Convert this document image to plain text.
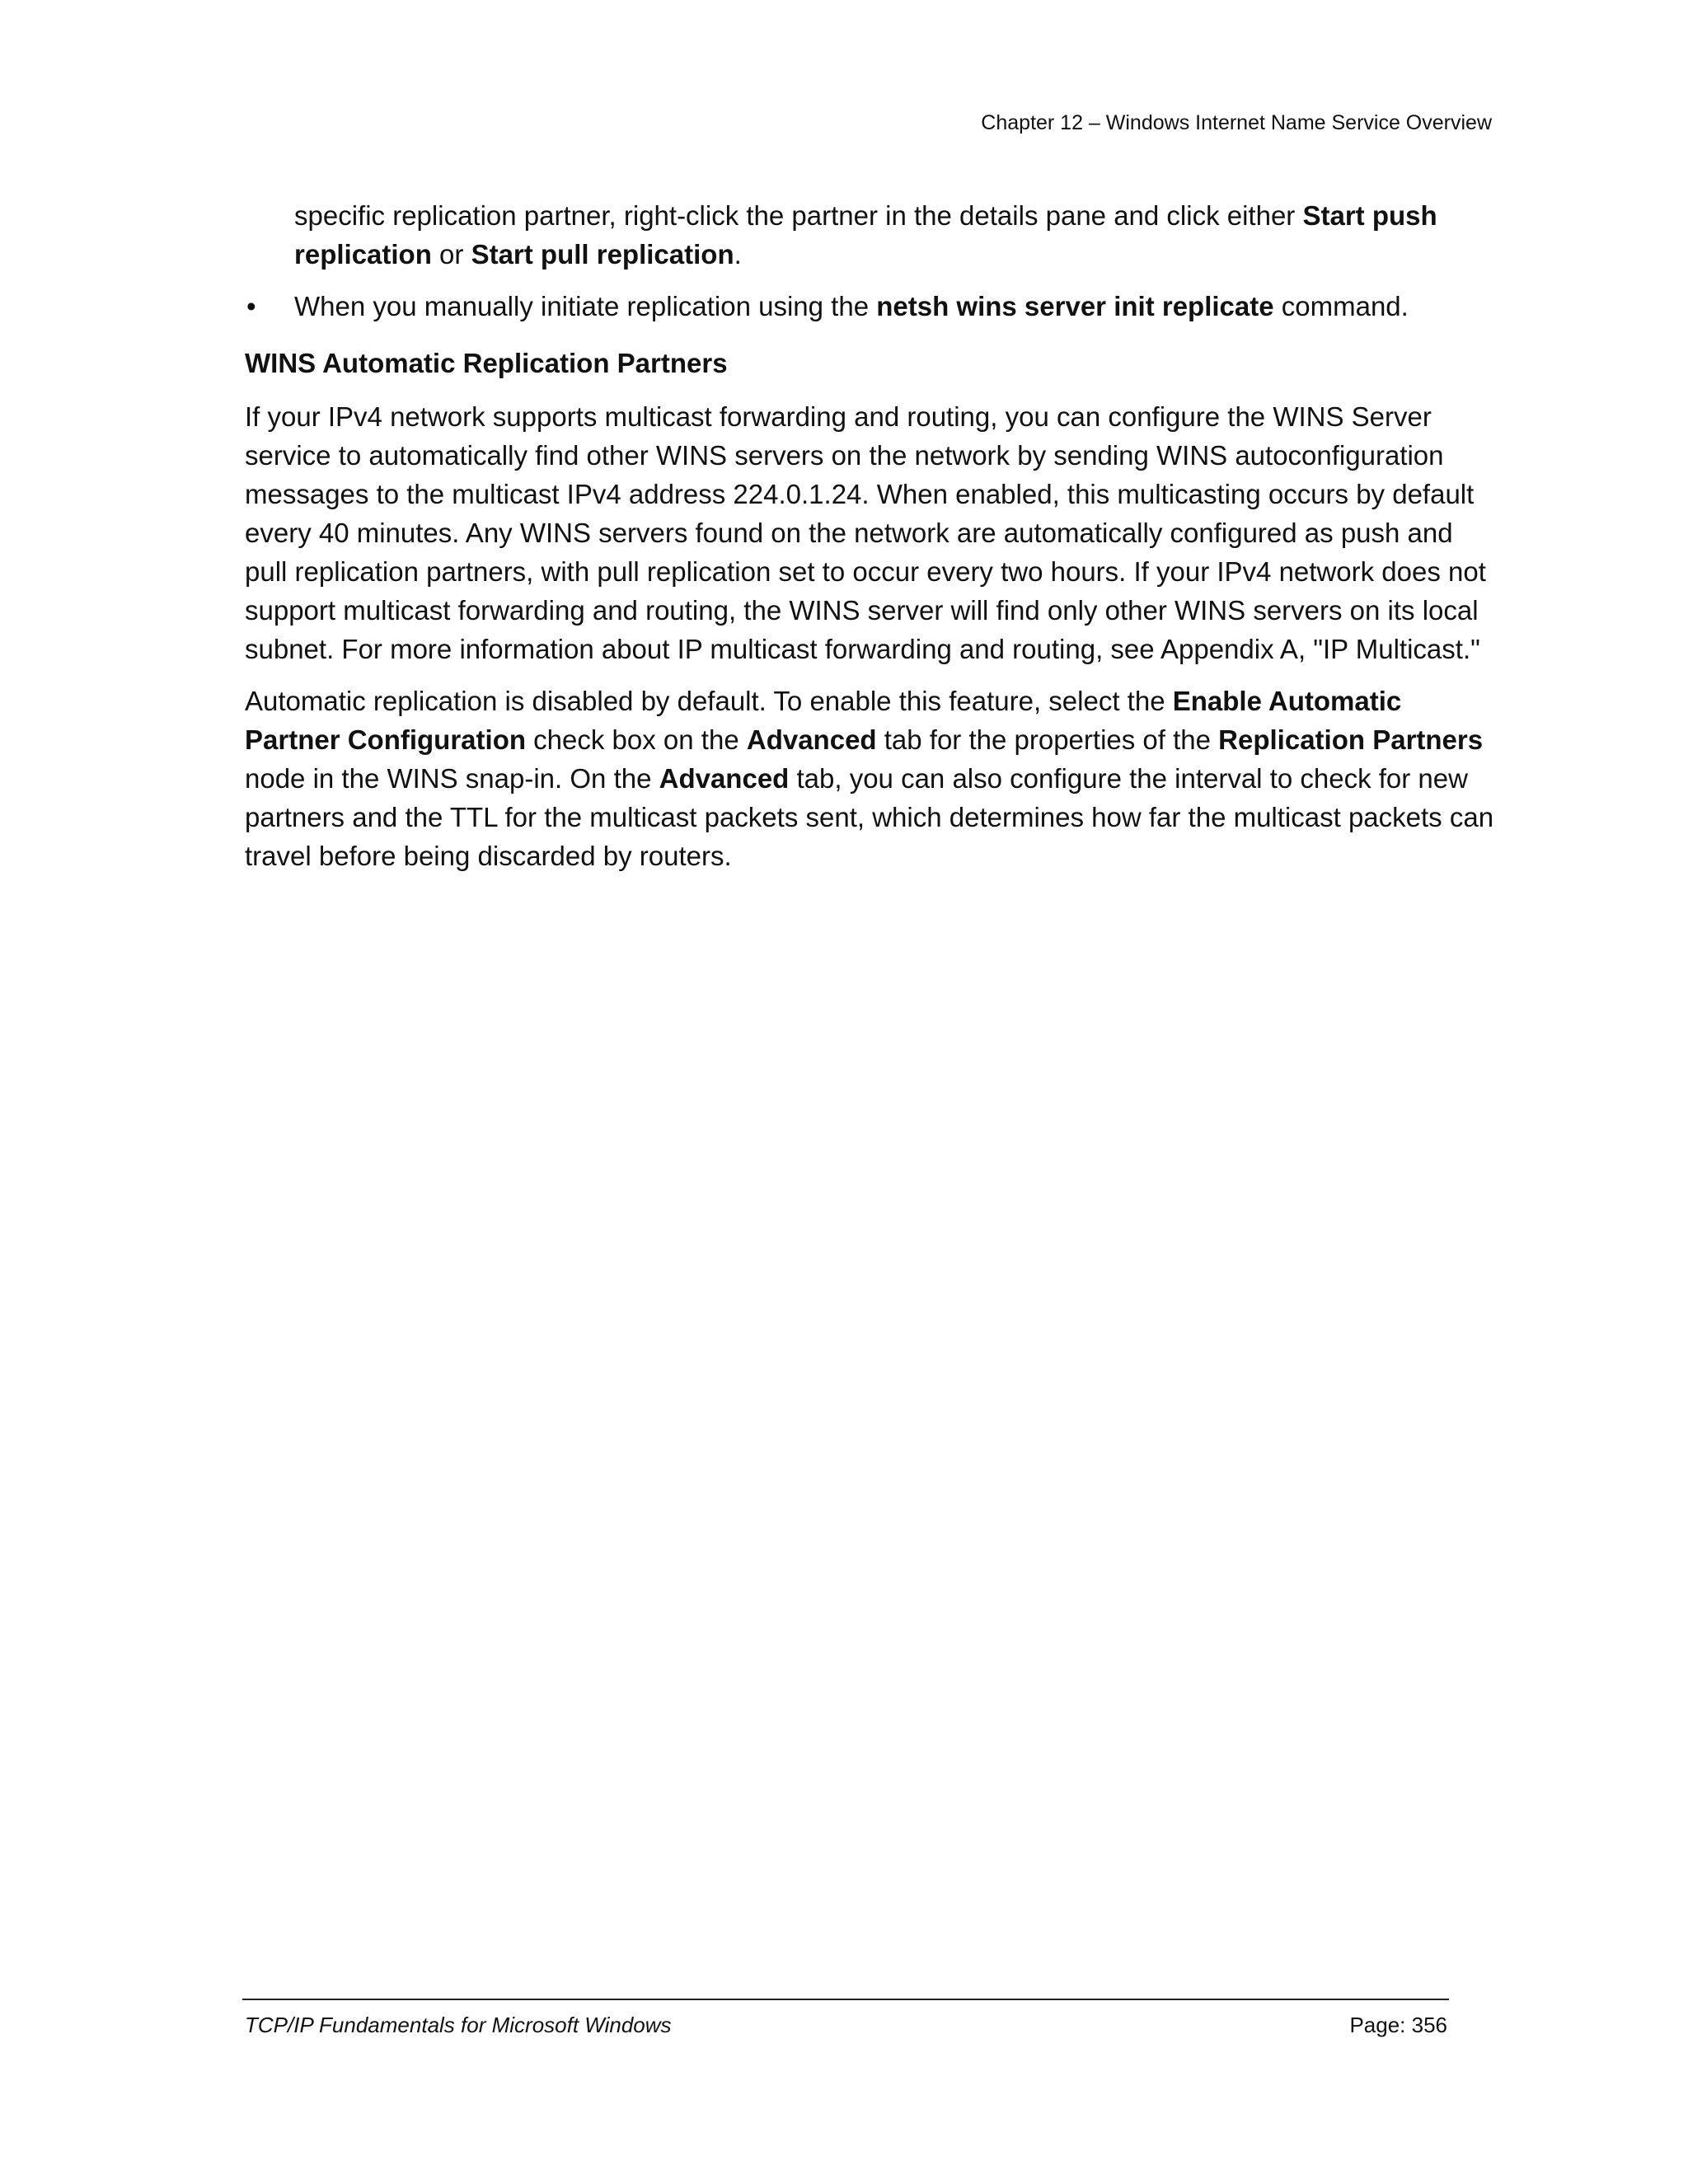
Chapter 12 – Windows Internet Name Service Overview

specific replication partner, right-click the partner in the details pane and click either Start push replication or Start pull replication.

• When you manually initiate replication using the netsh wins server init replicate command.

WINS Automatic Replication Partners

If your IPv4 network supports multicast forwarding and routing, you can configure the WINS Server service to automatically find other WINS servers on the network by sending WINS autoconfiguration messages to the multicast IPv4 address 224.0.1.24. When enabled, this multicasting occurs by default every 40 minutes. Any WINS servers found on the network are automatically configured as push and pull replication partners, with pull replication set to occur every two hours. If your IPv4 network does not support multicast forwarding and routing, the WINS server will find only other WINS servers on its local subnet. For more information about IP multicast forwarding and routing, see Appendix A, "IP Multicast."

Automatic replication is disabled by default. To enable this feature, select the Enable Automatic Partner Configuration check box on the Advanced tab for the properties of the Replication Partners node in the WINS snap-in. On the Advanced tab, you can also configure the interval to check for new partners and the TTL for the multicast packets sent, which determines how far the multicast packets can travel before being discarded by routers.

TCP/IP Fundamentals for Microsoft Windows	Page: 356
